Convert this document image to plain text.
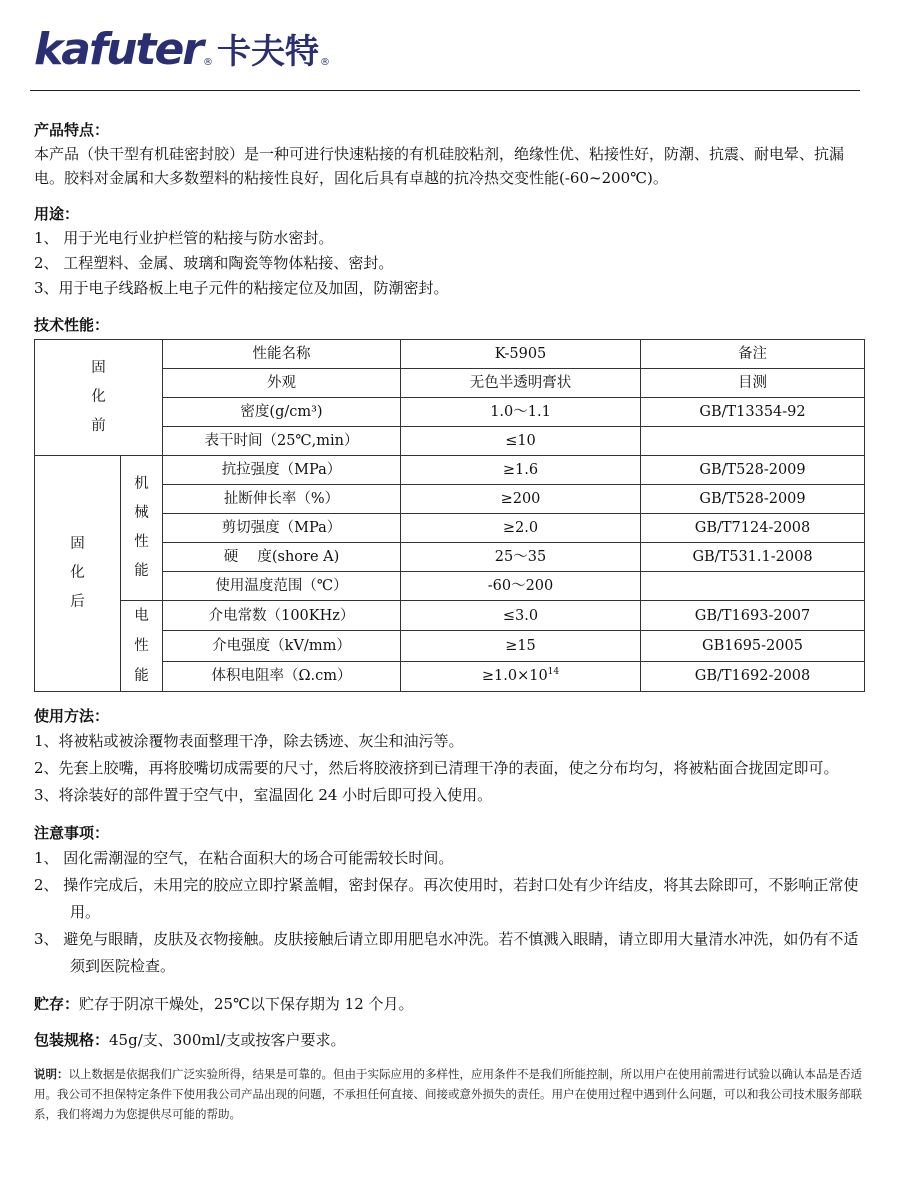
kafuter ® 卡夫特 ®
产品特点：
本产品（快干型有机硅密封胶）是一种可进行快速粘接的有机硅胶粘剂，绝缘性优、粘接性好，防潮、抗震、耐电晕、抗漏电。胶料对金属和大多数塑料的粘接性良好，固化后具有卓越的抗冷热交变性能(-60~200℃)。
用途：
1、 用于光电行业护栏管的粘接与防水密封。
2、 工程塑料、金属、玻璃和陶瓷等物体粘接、密封。
3、用于电子线路板上电子元件的粘接定位及加固，防潮密封。
技术性能：
固化前		性能名称	K-5905	备注
		外观	无色半透明膏状	目测
		密度(g/cm³)	1.0～1.1	GB/T13354-92
		表干时间（25℃,min）	≤10	

固化后	机械性能	抗拉强度（MPa）	≥1.6	GB/T528-2009
		扯断伸长率（%）	≥200	GB/T528-2009
		剪切强度（MPa）	≥2.0	GB/T7124-2008
		硬　 度(shore A)	25～35	GB/T531.1-2008
		使用温度范围（℃）	-60～200	

	电性能	介电常数（100KHz）	≤3.0	GB/T1693-2007
		介电强度（kV/mm）	≥15	GB1695-2005
		体积电阻率（Ω.cm）	$\ge 1.0\times 10^{14}$	GB/T1692-2008
使用方法：
1、将被粘或被涂覆物表面整理干净，除去锈迹、灰尘和油污等。
2、先套上胶嘴，再将胶嘴切成需要的尺寸，然后将胶液挤到已清理干净的表面，使之分布均匀，将被粘面合拢固定即可。
3、将涂装好的部件置于空气中，室温固化 24 小时后即可投入使用。
注意事项：
1、 固化需潮湿的空气，在粘合面积大的场合可能需较长时间。
2、 操作完成后，未用完的胶应立即拧紧盖帽，密封保存。再次使用时，若封口处有少许结皮，将其去除即可，不影响正常使用。
3、 避免与眼睛，皮肤及衣物接触。皮肤接触后请立即用肥皂水冲洗。若不慎溅入眼睛，请立即用大量清水冲洗，如仍有不适须到医院检查。
贮存：贮存于阴凉干燥处，25℃以下保存期为 12 个月。
包装规格：45g/支、300ml/支或按客户要求。
说明：以上数据是依据我们广泛实验所得，结果是可靠的。但由于实际应用的多样性，应用条件不是我们所能控制，所以用户在使用前需进行试验以确认本品是否适用。我公司不担保特定条件下使用我公司产品出现的问题，不承担任何直接、间接或意外损失的责任。用户在使用过程中遇到什么问题，可以和我公司技术服务部联系，我们将竭力为您提供尽可能的帮助。
